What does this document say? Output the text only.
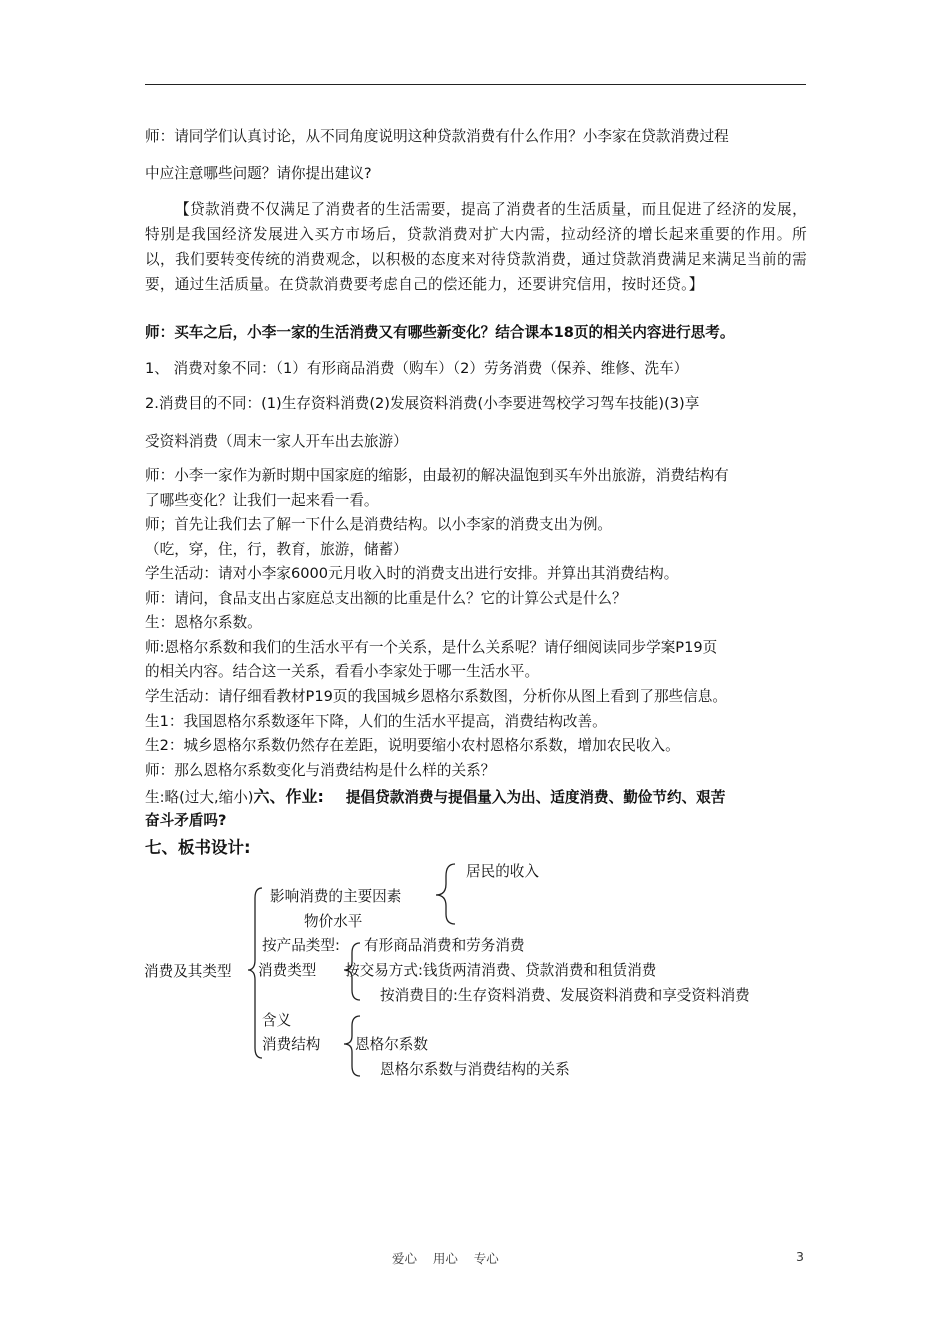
师：请同学们认真讨论，从不同角度说明这种贷款消费有什么作用？小李家在贷款消费过程
中应注意哪些问题？请你提出建议?
【贷款消费不仅满足了消费者的生活需要，提高了消费者的生活质量，而且促进了经济的发展，特别是我国经济发展进入买方市场后，贷款消费对扩大内需，拉动经济的增长起来重要的作用。所以，我们要转变传统的消费观念，以积极的态度来对待贷款消费，通过贷款消费满足来满足当前的需要，通过生活质量。在贷款消费要考虑自己的偿还能力，还要讲究信用，按时还贷。】
师：买车之后，小李一家的生活消费又有哪些新变化？结合课本18页的相关内容进行思考。
1、 消费对象不同：（1）有形商品消费（购车）（2）劳务消费（保养、维修、洗车）
2.消费目的不同：(1)生存资料消费(2)发展资料消费(小李要进驾校学习驾车技能)(3)享
受资料消费（周末一家人开车出去旅游）
师：小李一家作为新时期中国家庭的缩影，由最初的解决温饱到买车外出旅游，消费结构有
了哪些变化？让我们一起来看一看。
师；首先让我们去了解一下什么是消费结构。以小李家的消费支出为例。
（吃，穿，住，行，教育，旅游，储蓄）
学生活动：请对小李家6000元月收入时的消费支出进行安排。并算出其消费结构。
师：请问，食品支出占家庭总支出额的比重是什么？它的计算公式是什么？
生：恩格尔系数。
师:恩格尔系数和我们的生活水平有一个关系，是什么关系呢？请仔细阅读同步学案P19页
的相关内容。结合这一关系，看看小李家处于哪一生活水平。
学生活动：请仔细看教材P19页的我国城乡恩格尔系数图，分析你从图上看到了那些信息。
生1：我国恩格尔系数逐年下降，人们的生活水平提高，消费结构改善。
生2：城乡恩格尔系数仍然存在差距，说明要缩小农村恩格尔系数，增加农民收入。
师：那么恩格尔系数变化与消费结构是什么样的关系？
生:略(过大,缩小)六、作业: 提倡贷款消费与提倡量入为出、适度消费、勤俭节约、艰苦
奋斗矛盾吗?
七、板书设计:
消费及其类型
影响消费的主要因素
居民的收入
物价水平
按产品类型: 有形商品消费和劳务消费
消费类型 按交易方式:钱货两清消费、贷款消费和租赁消费
按消费目的:生存资料消费、发展资料消费和享受资料消费
含义
消费结构 恩格尔系数
恩格尔系数与消费结构的关系
爱心    用心    专心	3
